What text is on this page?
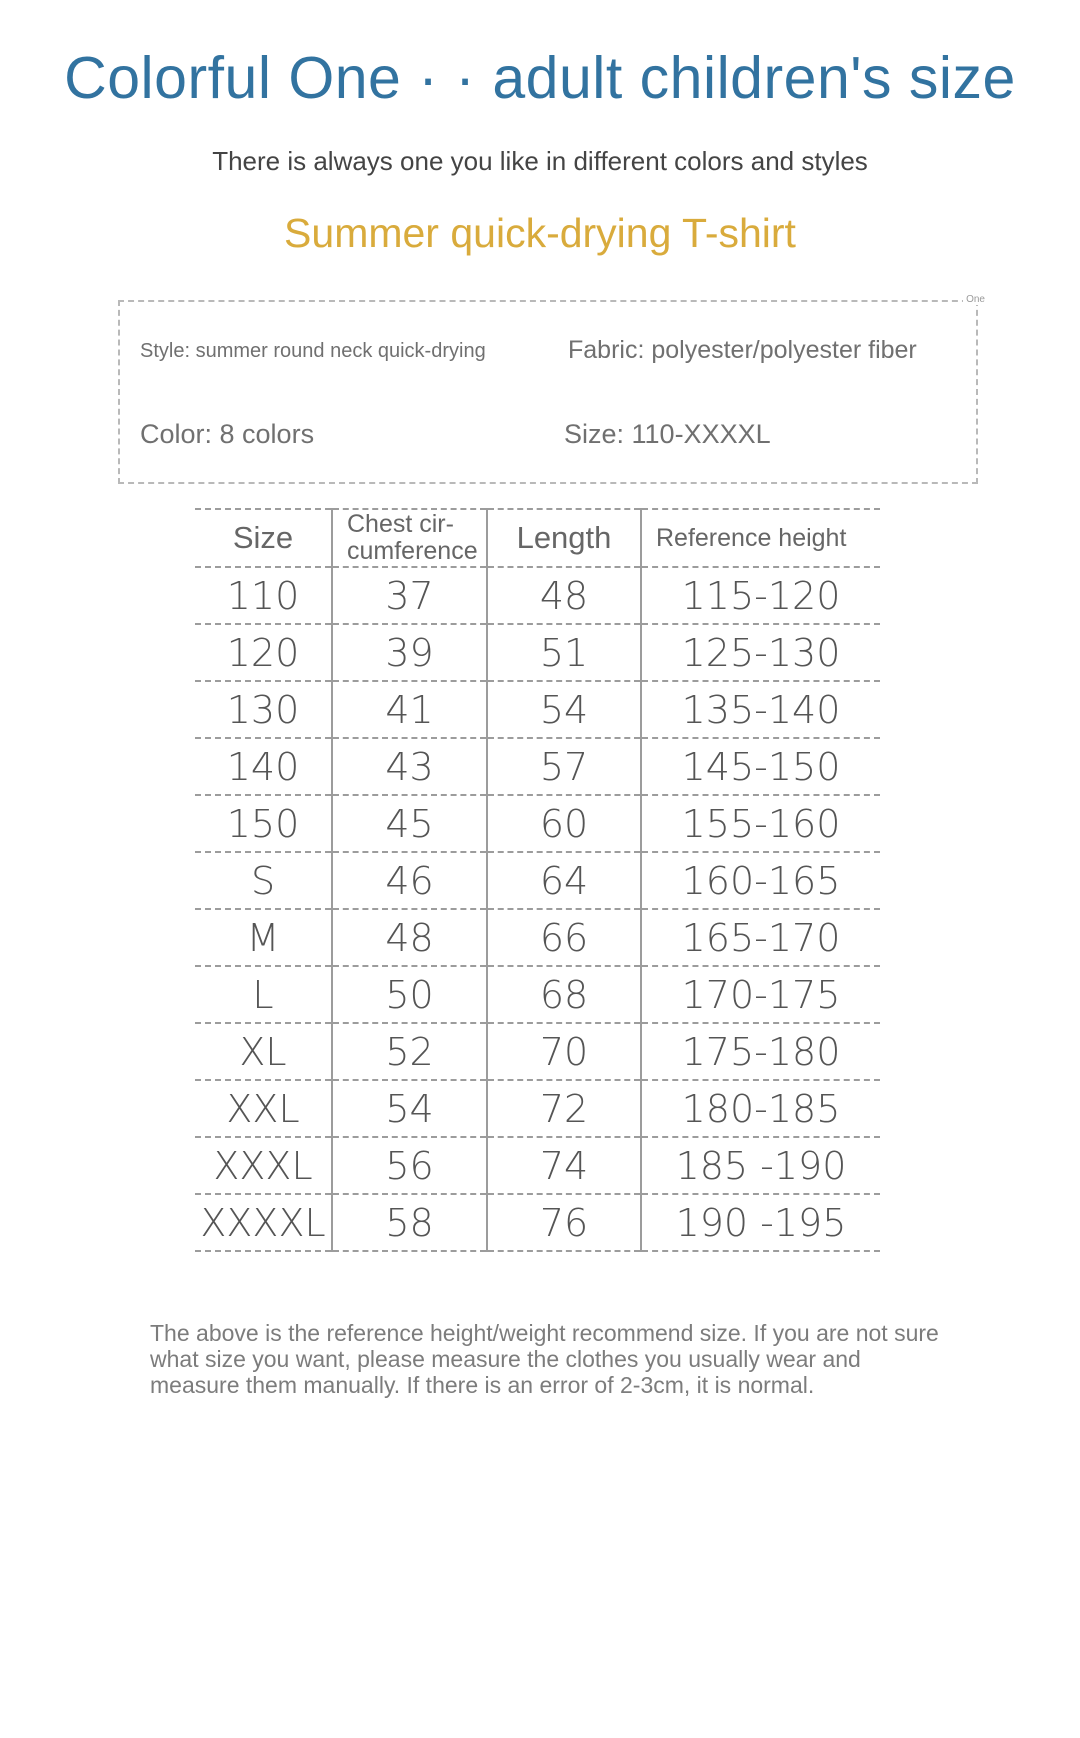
Colorful One · · adult children's size
There is always one you like in different colors and styles
Summer quick-drying T-shirt
One
Style: summer round neck quick-drying	Fabric: polyester/polyester fiber
Color: 8 colors	Size: 110-XXXXL
Size	Chest cir-cumference	Length	Reference height
110	37	48	115-120
120	39	51	125-130
130	41	54	135-140
140	43	57	145-150
150	45	60	155-160
S	46	64	160-165
M	48	66	165-170
L	50	68	170-175
XL	52	70	175-180
XXL	54	72	180-185
XXXL	56	74	185 -190
XXXXL	58	76	190 -195
The above is the reference height/weight recommend size. If you are not sure what size you want, please measure the clothes you usually wear and measure them manually. If there is an error of 2-3cm, it is normal.
